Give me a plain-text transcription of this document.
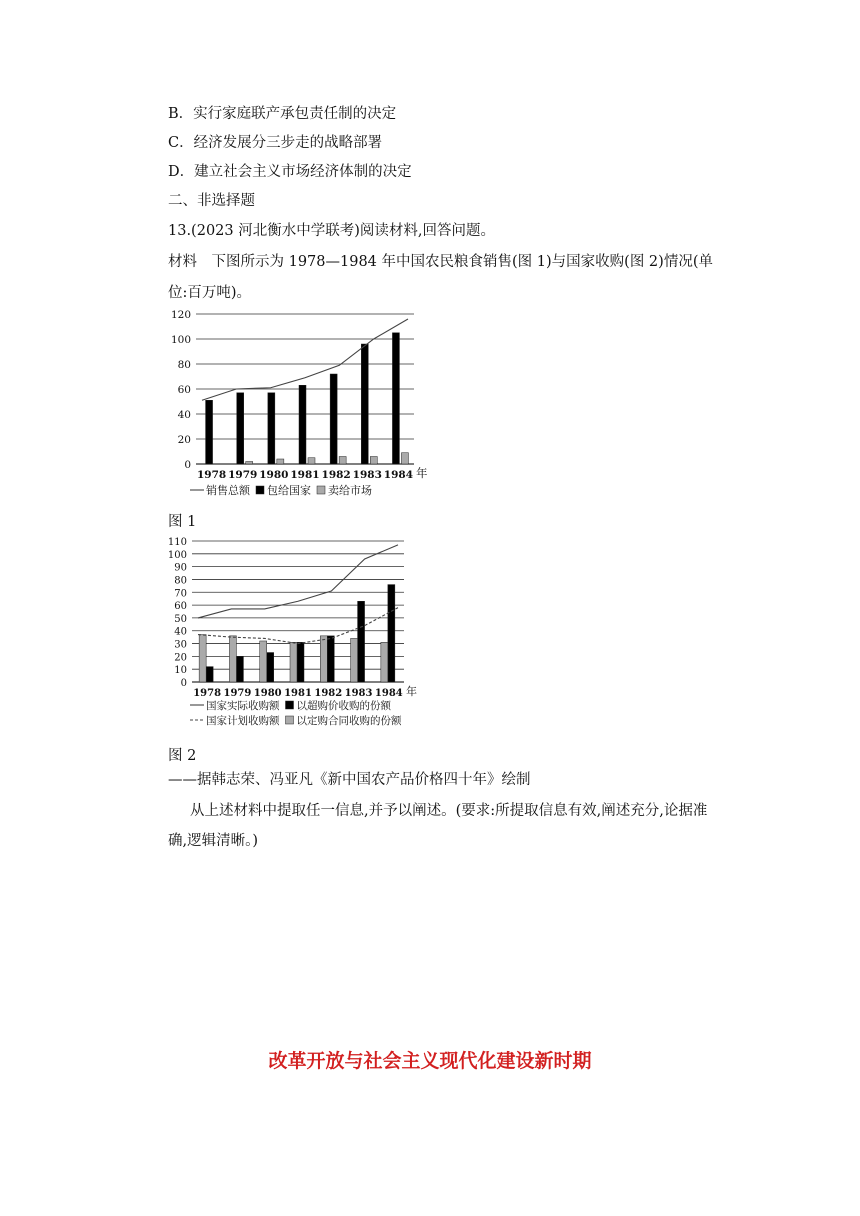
B．实行家庭联产承包责任制的决定
C．经济发展分三步走的战略部署
D．建立社会主义市场经济体制的决定
二、非选择题
13.(2023 河北衡水中学联考)阅读材料,回答问题。
材料　下图所示为 1978—1984 年中国农民粮食销售(图 1)与国家收购(图 2)情况(单
位:百万吨)。
0
20
40
60
80
100
120
1978 1979 1980 1981 1982 1983 1984 年
销售总额 包给国家 卖给市场
图 1
0
10
20
30
40
50
60
70
80
90
100
110
1978 1979 1980 1981 1982 1983 1984 年
国家实际收购额 以超购价收购的份额
国家计划收购额 以定购合同收购的份额
图 2
——据韩志荣、冯亚凡《新中国农产品价格四十年》绘制
从上述材料中提取任一信息,并予以阐述。(要求:所提取信息有效,阐述充分,论据准
确,逻辑清晰。)
改革开放与社会主义现代化建设新时期
